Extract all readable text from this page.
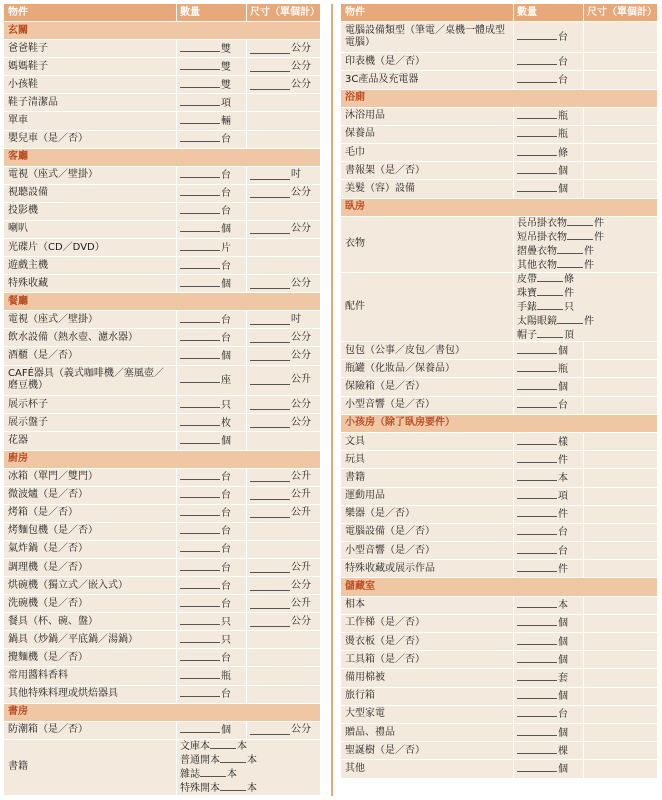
物件	數量	尺寸（單個計）
玄關
爸爸鞋子	雙	公分
媽媽鞋子	雙	公分
小孩鞋	雙	公分
鞋子清潔品	項
單車	輛
嬰兒車（是／否）	台
客廳
電視（座式／壁掛）	台	吋
視聽設備	台	公分
投影機	台
喇叭	個	公分
光碟片（CD／DVD）	片
遊戲主機	台
特殊收藏	個	公分
餐廳
電視（座式／壁掛）	台	吋
飲水設備（熱水壺、濾水器）	台	公分
酒櫃（是／否）	個	公分
CAFÉ器具（義式咖啡機／塞風壺／磨豆機）	座	公升
展示杯子	只	公分
展示盤子	枚	公分
花器	個
廚房
冰箱（單門／雙門）	台	公升
微波爐（是／否）	台	公升
烤箱（是／否）	台	公升
烤麵包機（是／否）	台
氣炸鍋（是／否）	台
調理機（是／否）	台	公升
烘碗機（獨立式／嵌入式）	台	公分
洗碗機（是／否）	台	公升
餐具（杯、碗、盤）	只	公分
鍋具（炒鍋／平底鍋／湯鍋）	只
攪麵機（是／否）	台
常用醬料香料	瓶
其他特殊料理或烘焙器具	台
書房
防潮箱（是／否）	個	公分
書籍
文庫本	本
普通開本	本
雜誌	本
特殊開本	本
物件	數量	尺寸（單個計）
電腦設備類型（筆電／桌機一體成型電腦）	台
印表機（是／否）	台
3C產品及充電器	台
浴廁
沐浴用品	瓶
保養品	瓶
毛巾	條
書報架（是／否）	個
美髮（容）設備	個
臥房
衣物
長吊掛衣物	件
短吊掛衣物	件
摺疊衣物	件
其他衣物	件
配件
皮帶	條
珠寶	件
手錶	只
太陽眼鏡	件
帽子	頂
包包（公事／皮包／書包）	個
瓶罐（化妝品／保養品）	瓶
保險箱（是／否）	個
小型音響（是／否）	台
小孩房（除了臥房要件）
文具	樣
玩具	件
書籍	本
運動用品	項
樂器（是／否）	件
電腦設備（是／否）	台
小型音響（是／否）	台
特殊收藏或展示作品	件
儲藏室
相本	本
工作梯（是／否）	個
燙衣板（是／否）	個
工具箱（是／否）	個
備用棉被	套
旅行箱	個
大型家電	台
贈品、禮品	個
聖誕樹（是／否）	棵
其他	個
